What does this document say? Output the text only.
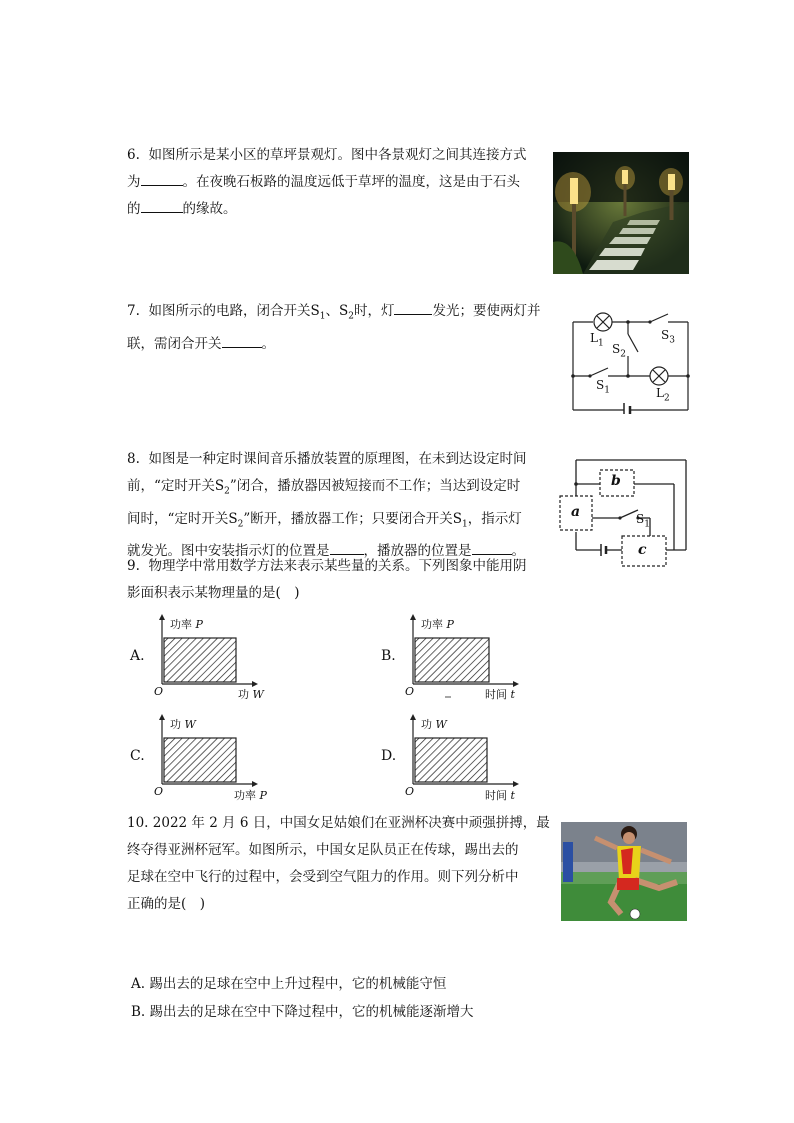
6. 如图所示是某小区的草坪景观灯。图中各景观灯之间其连接方式
为	。在夜晚石板路的温度远低于草坪的温度，这是由于石头
的	的缘故。
7. 如图所示的电路，闭合开关$S_1$、$S_2$时，灯	发光；要使两灯并
联，需闭合开关	。	$L_1$ $S_2$
$S_3$
$S_1$	$L_2$
8. 如图是一种定时课间音乐播放装置的原理图，在未到达设定时间
前，“定时开关$S_2$”闭合，播放器因被短接而不工作；当达到设定时
间时，“定时开关$S_2$”断开，播放器工作；只要闭合开关$S_1$，指示灯
就发光。图中安装指示灯的位置是	，播放器的位置是	。
b
a
c
$S_1$
9. 物理学中常用数学方法来表示某些量的关系。下列图象中能用阴
影面积表示某物理量的是(　)
A.
功率 P
O	功 W
B.
功率 P
O	时间 t
C.
功 W
O	功率 P
D.
功 W
O	时间 t
10. 2022 年 2 月 6 日，中国女足姑娘们在亚洲杯决赛中顽强拼搏，最
终夺得亚洲杯冠军。如图所示，中国女足队员正在传球，踢出去的
足球在空中飞行的过程中，会受到空气阻力的作用。则下列分析中
正确的是(　)
A. 踢出去的足球在空中上升过程中，它的机械能守恒
B. 踢出去的足球在空中下降过程中，它的机械能逐渐增大
